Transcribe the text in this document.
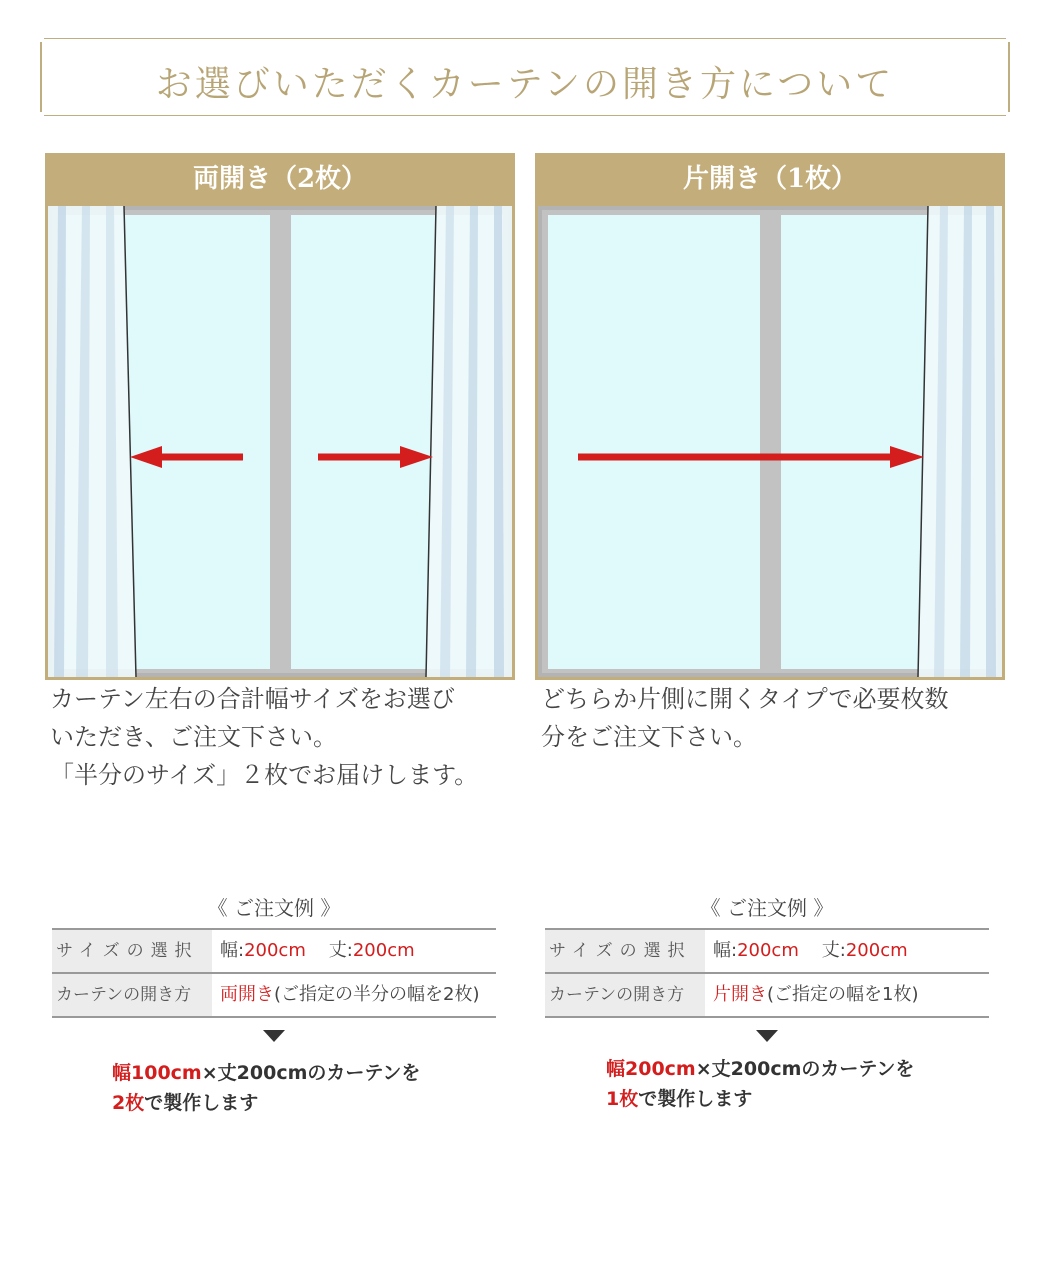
お選びいただくカーテンの開き方について
両開き（2枚）	片開き（1枚）
カーテン左右の合計幅サイズをお選び
いただき、ご注文下さい。
「半分のサイズ」２枚でお届けします。
どちらか片側に開くタイプで必要枚数
分をご注文下さい。
《 ご注文例 》
サイズの選択	幅:200cm 丈:200cm
カーテンの開き方	両開き(ご指定の半分の幅を2枚)
幅100cm×丈200cmのカーテンを
2枚で製作します
《 ご注文例 》
サイズの選択	幅:200cm 丈:200cm
カーテンの開き方	片開き(ご指定の幅を1枚)
幅200cm×丈200cmのカーテンを
1枚で製作します
